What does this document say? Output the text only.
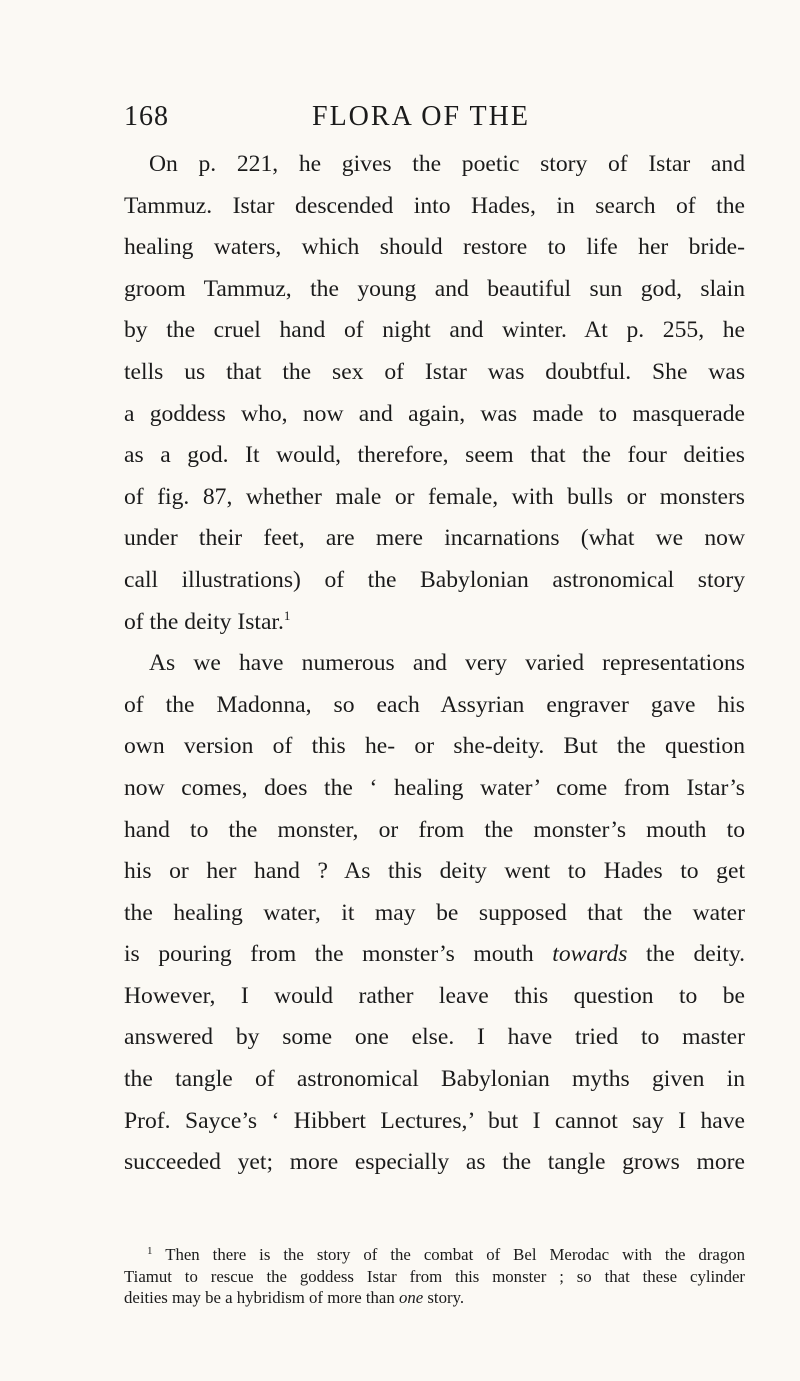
168	FLORA OF THE
On p. 221, he gives the poetic story of Istar and
Tammuz. Istar descended into Hades, in search of the
healing waters, which should restore to life her bride-
groom Tammuz, the young and beautiful sun god, slain
by the cruel hand of night and winter. At p. 255, he
tells us that the sex of Istar was doubtful. She was
a goddess who, now and again, was made to masquerade
as a god. It would, therefore, seem that the four deities
of fig. 87, whether male or female, with bulls or monsters
under their feet, are mere incarnations (what we now
call illustrations) of the Babylonian astronomical story
of the deity Istar.$^1$
As we have numerous and very varied representations
of the Madonna, so each Assyrian engraver gave his
own version of this he- or she-deity. But the question
now comes, does the ‘ healing water’ come from Istar’s
hand to the monster, or from the monster’s mouth to
his or her hand ? As this deity went to Hades to get
the healing water, it may be supposed that the water
is pouring from the monster’s mouth towards the deity.
However, I would rather leave this question to be
answered by some one else. I have tried to master
the tangle of astronomical Babylonian myths given in
Prof. Sayce’s ‘ Hibbert Lectures,’ but I cannot say I have
succeeded yet; more especially as the tangle grows more
$^1$ Then there is the story of the combat of Bel Merodac with the dragon
Tiamut to rescue the goddess Istar from this monster ; so that these cylinder
deities may be a hybridism of more than one story.
